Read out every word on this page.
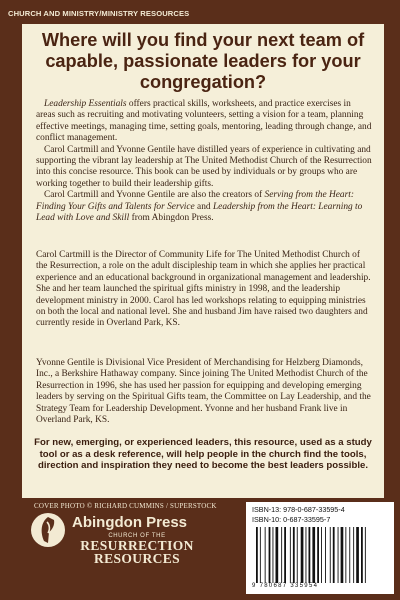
CHURCH AND MINISTRY/MINISTRY RESOURCES
Where will you find your next team of capable, passionate leaders for your congregation?

Leadership Essentials offers practical skills, worksheets, and practice exercises in areas such as recruiting and motivating volunteers, setting a vision for a team, planning effective meetings, managing time, setting goals, mentoring, leading through change, and conflict management.

Carol Cartmill and Yvonne Gentile have distilled years of experience in cultivating and supporting the vibrant lay leadership at The United Methodist Church of the Resurrection into this concise resource. This book can be used by individuals or by groups who are working together to build their leadership gifts.

Carol Cartmill and Yvonne Gentile are also the creators of Serving from the Heart: Finding Your Gifts and Talents for Service and Leadership from the Heart: Learning to Lead with Love and Skill from Abingdon Press.

Carol Cartmill is the Director of Community Life for The United Methodist Church of the Resurrection, a role on the adult discipleship team in which she applies her practical experience and an educational background in organizational management and leadership. She and her team launched the spiritual gifts ministry in 1998, and the leadership development ministry in 2000. Carol has led workshops relating to equipping ministries on both the local and national level. She and husband Jim have raised two daughters and currently reside in Overland Park, KS.

Yvonne Gentile is Divisional Vice President of Merchandising for Helzberg Diamonds, Inc., a Berkshire Hathaway company. Since joining The United Methodist Church of the Resurrection in 1996, she has used her passion for equipping and developing emerging leaders by serving on the Spiritual Gifts team, the Committee on Lay Leadership, and the Strategy Team for Leadership Development. Yvonne and her husband Frank live in Overland Park, KS.

For new, emerging, or experienced leaders, this resource, used as a study tool or as a desk reference, will help people in the church find the tools, direction and inspiration they need to become the best leaders possible.
COVER PHOTO © RICHARD CUMMINS / SUPERSTOCK
Abingdon Press
CHURCH OF THE
RESURRECTION
RESOURCES
ISBN-13: 978-0-687-33595-4
ISBN-10: 0-687-33595-7
9 780687 335954
